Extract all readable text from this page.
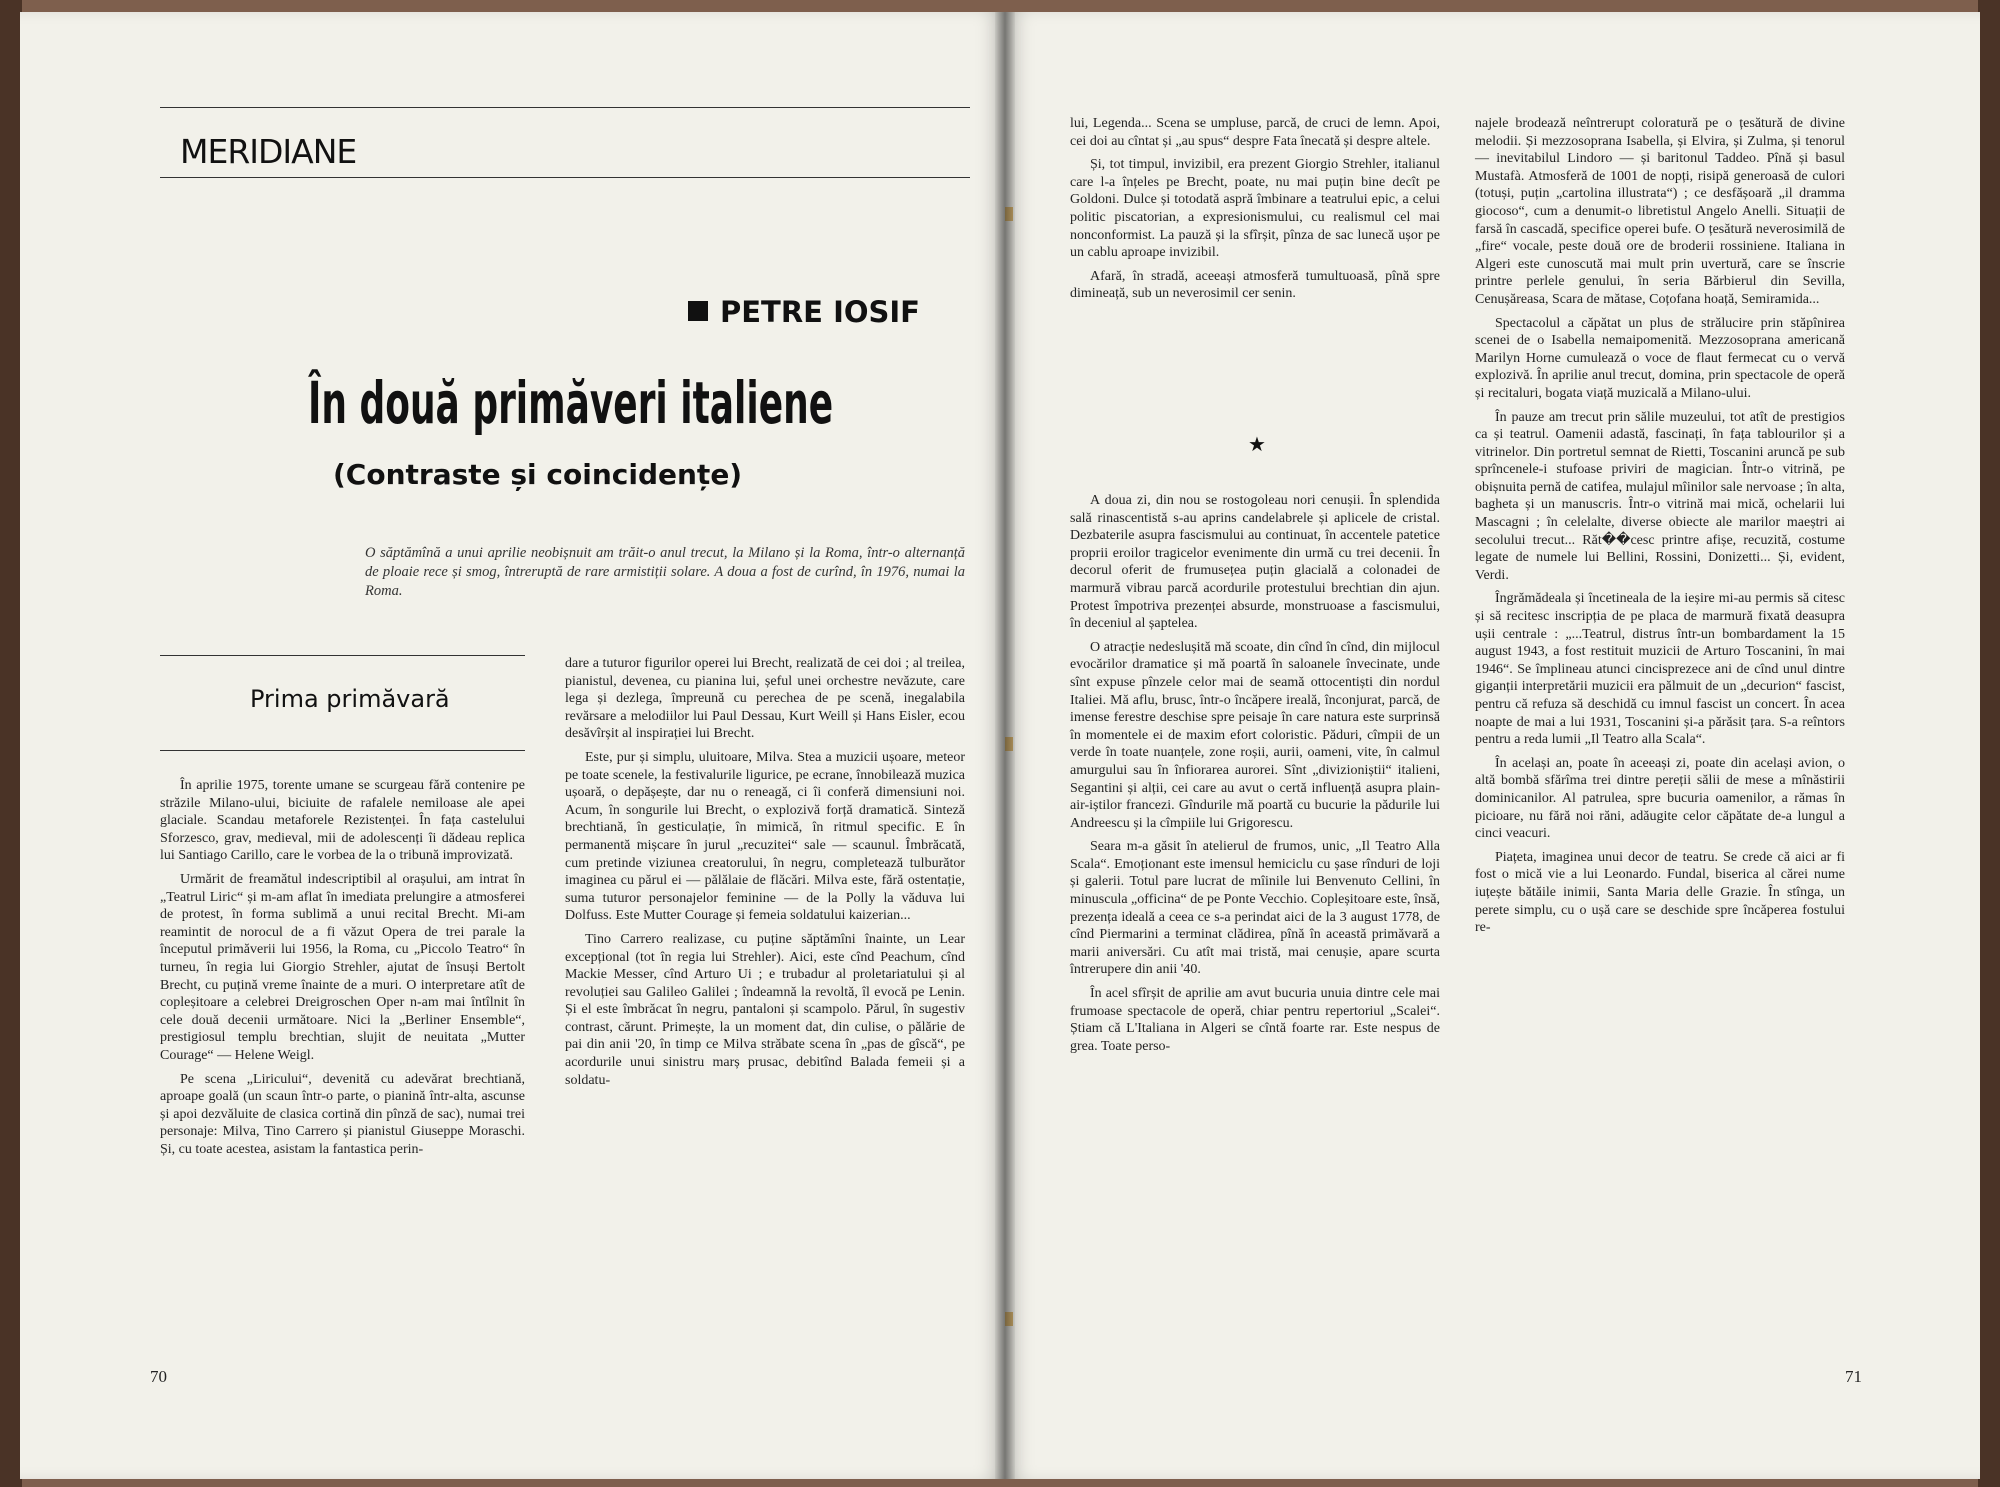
MERIDIANE
PETRE IOSIF
În două primăveri italiene
(Contraste și coincidențe)
O săptămînă a unui aprilie neobișnuit am trăit-o anul trecut, la Milano și la Roma, într-o alternanță de ploaie rece și smog, întreruptă de rare armistiții solare. A doua a fost de curînd, în 1976, numai la Roma.
Prima primăvară

În aprilie 1975, torente umane se scurgeau fără contenire pe străzile Milano-ului, biciuite de rafalele nemiloase ale apei glaciale. Scandau metaforele Rezistenței. În fața castelului Sforzesco, grav, medieval, mii de adolescenți îi dădeau replica lui Santiago Carillo, care le vorbea de la o tribună improvizată.

Urmărit de freamătul indescriptibil al orașului, am intrat în „Teatrul Liric“ și m-am aflat în imediata prelungire a atmosferei de protest, în forma sublimă a unui recital Brecht. Mi-am reamintit de norocul de a fi văzut Opera de trei parale la începutul primăverii lui 1956, la Roma, cu „Piccolo Teatro“ în turneu, în regia lui Giorgio Strehler, ajutat de însuși Bertolt Brecht, cu puțină vreme înainte de a muri. O interpretare atît de copleșitoare a celebrei Dreigroschen Oper n-am mai întîlnit în cele două decenii următoare. Nici la „Berliner Ensemble“, prestigiosul templu brechtian, slujit de neuitata „Mutter Courage“ — Helene Weigl.

Pe scena „Liricului“, devenită cu adevărat brechtiană, aproape goală (un scaun într-o parte, o pianină într-alta, ascunse și apoi dezvăluite de clasica cortină din pînză de sac), numai trei personaje: Milva, Tino Carrero și pianistul Giuseppe Moraschi. Și, cu toate acestea, asistam la fantastica perin-

dare a tuturor figurilor operei lui Brecht, realizată de cei doi ; al treilea, pianistul, devenea, cu pianina lui, șeful unei orchestre nevăzute, care lega și dezlega, împreună cu perechea de pe scenă, inegalabila revărsare a melodiilor lui Paul Dessau, Kurt Weill și Hans Eisler, ecou desăvîrșit al inspirației lui Brecht.

Este, pur și simplu, uluitoare, Milva. Stea a muzicii ușoare, meteor pe toate scenele, la festivalurile ligurice, pe ecrane, înnobilează muzica ușoară, o depășește, dar nu o reneagă, ci îi conferă dimensiuni noi. Acum, în songurile lui Brecht, o explozivă forță dramatică. Sinteză brechtiană, în gesticulație, în mimică, în ritmul specific. E în permanentă mișcare în jurul „recuzitei“ sale — scaunul. Îmbrăcată, cum pretinde viziunea creatorului, în negru, completează tulburător imaginea cu părul ei — pălălaie de flăcări. Milva este, fără ostentație, suma tuturor personajelor feminine — de la Polly la văduva lui Dolfuss. Este Mutter Courage și femeia soldatului kaizerian...

Tino Carrero realizase, cu puține săptămîni înainte, un Lear excepțional (tot în regia lui Strehler). Aici, este cînd Peachum, cînd Mackie Messer, cînd Arturo Ui ; e trubadur al proletariatului și al revoluției sau Galileo Galilei ; îndeamnă la revoltă, îl evocă pe Lenin. Și el este îmbrăcat în negru, pantaloni și scampolo. Părul, în sugestiv contrast, cărunt. Primește, la un moment dat, din culise, o pălărie de pai din anii '20, în timp ce Milva străbate scena în „pas de gîscă“, pe acordurile unui sinistru marș prusac, debitînd Balada femeii și a soldatu-

70

lui, Legenda... Scena se umpluse, parcă, de cruci de lemn. Apoi, cei doi au cîntat și „au spus“ despre Fata înecată și despre altele.

Și, tot timpul, invizibil, era prezent Giorgio Strehler, italianul care l-a înțeles pe Brecht, poate, nu mai puțin bine decît pe Goldoni. Dulce și totodată aspră îmbinare a teatrului epic, a celui politic piscatorian, a expresionismului, cu realismul cel mai nonconformist. La pauză și la sfîrșit, pînza de sac lunecă ușor pe un cablu aproape invizibil.

Afară, în stradă, aceeași atmosferă tumultuoasă, pînă spre dimineață, sub un neverosimil cer senin.

★

A doua zi, din nou se rostogoleau nori cenușii. În splendida sală rinascentistă s-au aprins candelabrele și aplicele de cristal. Dezbaterile asupra fascismului au continuat, în accentele patetice proprii eroilor tragicelor evenimente din urmă cu trei decenii. În decorul oferit de frumusețea puțin glacială a colonadei de marmură vibrau parcă acordurile protestului brechtian din ajun. Protest împotriva prezenței absurde, monstruoase a fascismului, în deceniul al șaptelea.

O atracție nedeslușită mă scoate, din cînd în cînd, din mijlocul evocărilor dramatice și mă poartă în saloanele învecinate, unde sînt expuse pînzele celor mai de seamă ottocentiști din nordul Italiei. Mă aflu, brusc, într-o încăpere ireală, înconjurat, parcă, de imense ferestre deschise spre peisaje în care natura este surprinsă în momentele ei de maxim efort coloristic. Păduri, cîmpii de un verde în toate nuanțele, zone roșii, aurii, oameni, vite, în calmul amurgului sau în înfiorarea aurorei. Sînt „divizioniștii“ italieni, Segantini și alții, cei care au avut o certă influență asupra plain-air-iștilor francezi. Gîndurile mă poartă cu bucurie la pădurile lui Andreescu și la cîmpiile lui Grigorescu.

Seara m-a găsit în atelierul de frumos, unic, „Il Teatro Alla Scala“. Emoționant este imensul hemiciclu cu șase rînduri de loji și galerii. Totul pare lucrat de mîinile lui Benvenuto Cellini, în minuscula „officina“ de pe Ponte Vecchio. Copleșitoare este, însă, prezența ideală a ceea ce s-a perindat aici de la 3 august 1778, de cînd Piermarini a terminat clădirea, pînă în această primăvară a marii aniversări. Cu atît mai tristă, mai cenușie, apare scurta întrerupere din anii '40.

În acel sfîrșit de aprilie am avut bucuria unuia dintre cele mai frumoase spectacole de operă, chiar pentru repertoriul „Scalei“. Știam că L'Italiana in Algeri se cîntă foarte rar. Este nespus de grea. Toate perso-

najele brodează neîntrerupt coloratură pe o țesătură de divine melodii. Și mezzosoprana Isabella, și Elvira, și Zulma, și tenorul — inevitabilul Lindoro — și baritonul Taddeo. Pînă și basul Mustafà. Atmosferă de 1001 de nopți, risipă generoasă de culori (totuși, puțin „cartolina illustrata“) ; ce desfășoară „il dramma giocoso“, cum a denumit-o libretistul Angelo Anelli. Situații de farsă în cascadă, specifice operei bufe. O țesătură neverosimilă de „fire“ vocale, peste două ore de broderii rossiniene. Italiana in Algeri este cunoscută mai mult prin uvertură, care se înscrie printre perlele genului, în seria Bărbierul din Sevilla, Cenușăreasa, Scara de mătase, Coțofana hoață, Semiramida...

Spectacolul a căpătat un plus de strălucire prin stăpînirea scenei de o Isabella nemaipomenită. Mezzosoprana americană Marilyn Horne cumulează o voce de flaut fermecat cu o vervă explozivă. În aprilie anul trecut, domina, prin spectacole de operă și recitaluri, bogata viață muzicală a Milano-ului.

În pauze am trecut prin sălile muzeului, tot atît de prestigios ca și teatrul. Oamenii adastă, fascinați, în fața tablourilor și a vitrinelor. Din portretul semnat de Rietti, Toscanini aruncă pe sub sprîncenele-i stufoase priviri de magician. Într-o vitrină, pe obișnuita pernă de catifea, mulajul mîinilor sale nervoase ; în alta, bagheta și un manuscris. Într-o vitrină mai mică, ochelarii lui Mascagni ; în celelalte, diverse obiecte ale marilor maeștri ai secolului trecut... Răt��cesc printre afișe, recuzită, costume legate de numele lui Bellini, Rossini, Donizetti... Și, evident, Verdi.

Îngrămădeala și încetineala de la ieșire mi-au permis să citesc și să recitesc inscripția de pe placa de marmură fixată deasupra ușii centrale : „...Teatrul, distrus într-un bombardament la 15 august 1943, a fost restituit muzicii de Arturo Toscanini, în mai 1946“. Se împlineau atunci cincisprezece ani de cînd unul dintre giganții interpretării muzicii era pălmuit de un „decurion“ fascist, pentru că refuza să deschidă cu imnul fascist un concert. În acea noapte de mai a lui 1931, Toscanini și-a părăsit țara. S-a reîntors pentru a reda lumii „Il Teatro alla Scala“.

În același an, poate în aceeași zi, poate din același avion, o altă bombă sfărîma trei dintre pereții sălii de mese a mînăstirii dominicanilor. Al patrulea, spre bucuria oamenilor, a rămas în picioare, nu fără noi răni, adăugite celor căpătate de-a lungul a cinci veacuri.

Piațeta, imaginea unui decor de teatru. Se crede că aici ar fi fost o mică vie a lui Leonardo. Fundal, biserica al cărei nume iuțește bătăile inimii, Santa Maria delle Grazie. În stînga, un perete simplu, cu o ușă care se deschide spre încăperea fostului re-

71
